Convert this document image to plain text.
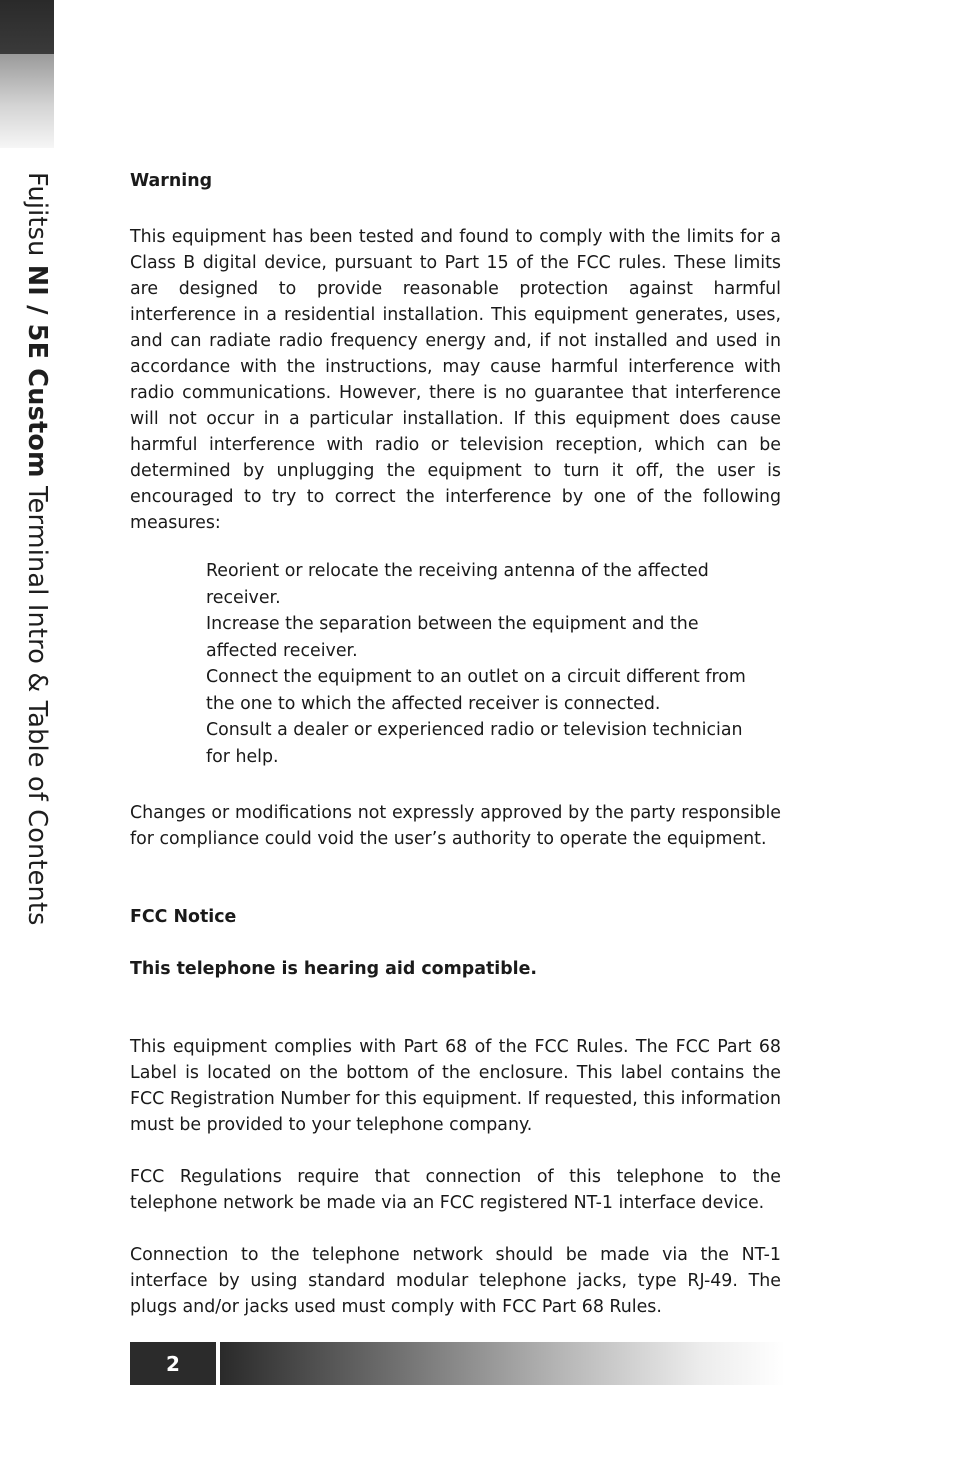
Fujitsu NI / 5E Custom Terminal Intro & Table of Contents

Warning

This equipment has been tested and found to comply with the limits for a Class B digital device, pursuant to Part 15 of the FCC rules. These limits are designed to provide reasonable protection against harmful interference in a residential installation. This equipment generates, uses, and can radiate radio frequency energy and, if not installed and used in accordance with the instructions, may cause harmful interference with radio communications. However, there is no guarantee that interference will not occur in a particular installation. If this equipment does cause harmful interference with radio or television reception, which can be determined by unplugging the equipment to turn it off, the user is encouraged to try to correct the interference by one of the following measures:

Reorient or relocate the receiving antenna of the affected receiver.

Increase the separation between the equipment and the affected receiver.

Connect the equipment to an outlet on a circuit different from the one to which the affected receiver is connected.

Consult a dealer or experienced radio or television technician for help.

Changes or modifications not expressly approved by the party responsible for compliance could void the user’s authority to operate the equipment.

FCC Notice

This telephone is hearing aid compatible.

This equipment complies with Part 68 of the FCC Rules. The FCC Part 68 Label is located on the bottom of the enclosure. This label contains the FCC Registration Number for this equipment. If requested, this information must be provided to your telephone company.

FCC Regulations require that connection of this telephone to the telephone network be made via an FCC registered NT-1 interface device.

Connection to the telephone network should be made via the NT-1 interface by using standard modular telephone jacks, type RJ-49. The plugs and/or jacks used must comply with FCC Part 68 Rules.

2
